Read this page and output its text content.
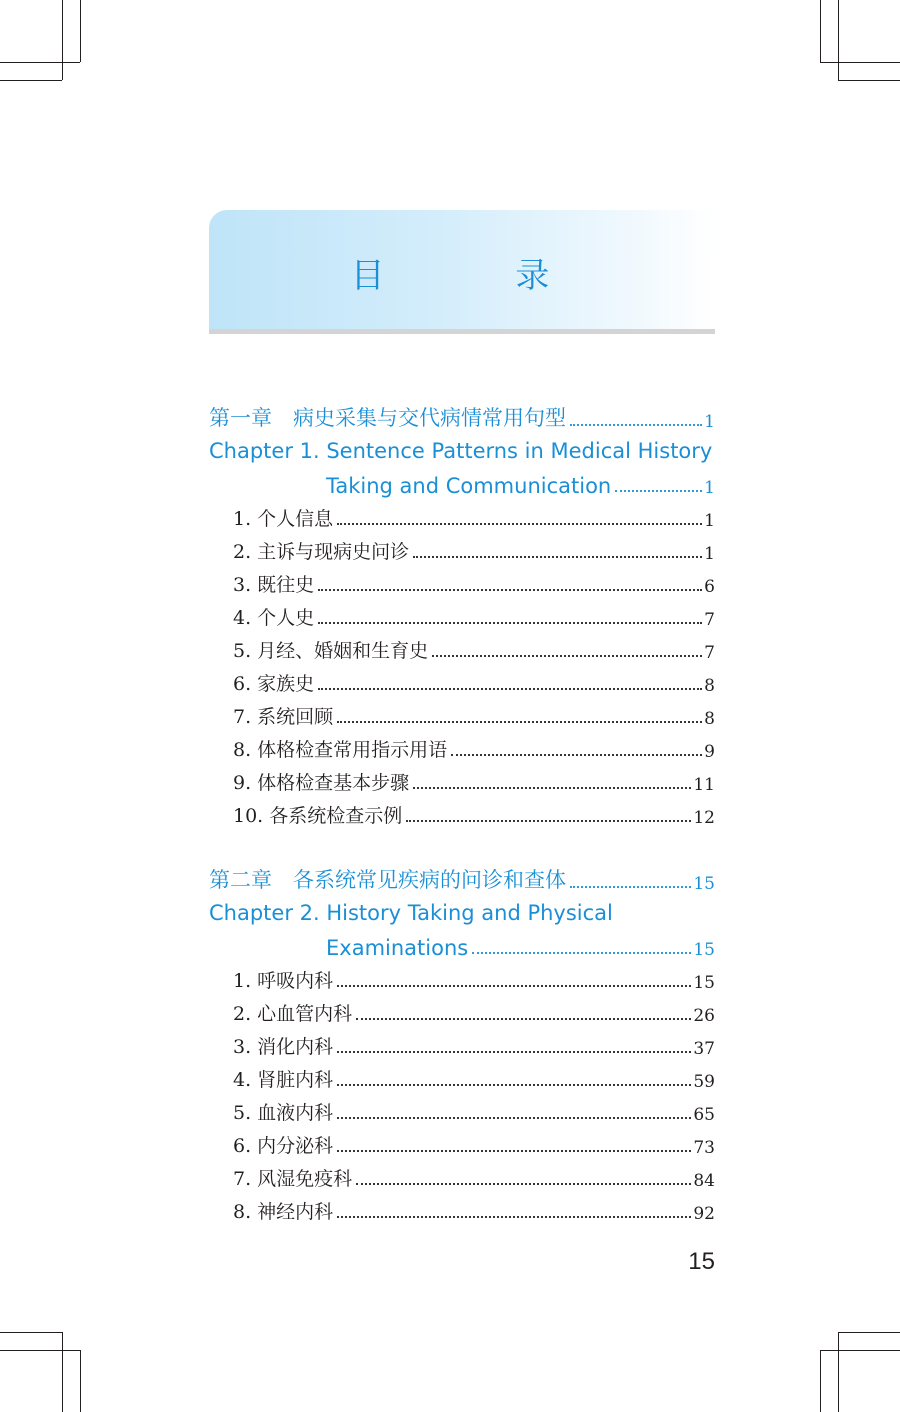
目 录
第一章　病史采集与交代病情常用句型	1
Chapter 1. Sentence Patterns in Medical History
Taking and Communication	1
1. 个人信息	1
2. 主诉与现病史问诊	1
3. 既往史	6
4. 个人史	7
5. 月经、婚姻和生育史	7
6. 家族史	8
7. 系统回顾	8
8. 体格检查常用指示用语	9
9. 体格检查基本步骤	11
10. 各系统检查示例	12
第二章　各系统常见疾病的问诊和查体	15
Chapter 2. History Taking and Physical
Examinations	15
1. 呼吸内科	15
2. 心血管内科	26
3. 消化内科	37
4. 肾脏内科	59
5. 血液内科	65
6. 内分泌科	73
7. 风湿免疫科	84
8. 神经内科	92
15
